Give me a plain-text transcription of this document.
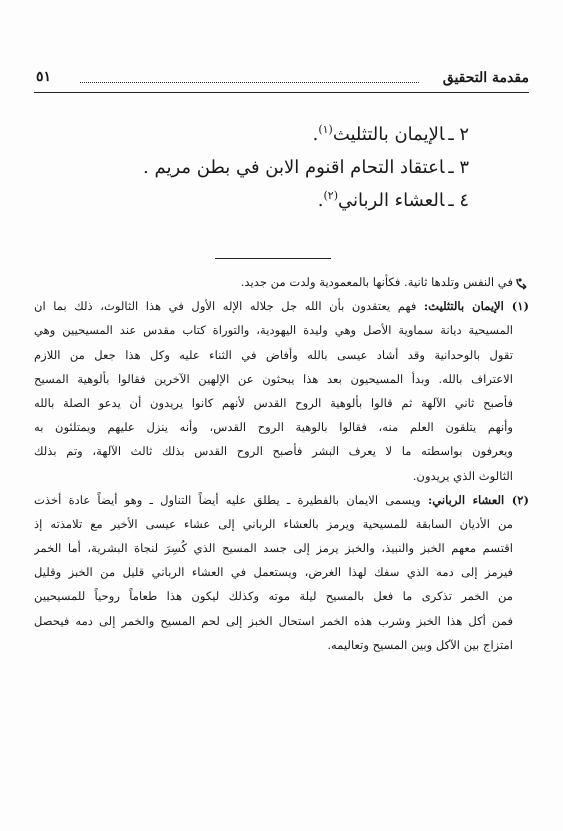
مقدمة التحقيق
٥١
٢ ـالإيمان بالتثليث$^{(١)}$.
٣ ـاعتقاد التحام اقنوم الابن في بطن مريم .
٤ ـالعشاء الرباني$^{(٢)}$.
في النفس وتلدها ثانية. فكأنها بالمعمودية ولدت من جديد.
(١) الإيمان بالتثليث: فهم يعتقدون بأن الله جل جلاله الإله الأول في هذا الثالوث، ذلك بما ان
المسيحية ديانة سماوية الأصل وهي وليدة اليهودية، والتوراة كتاب مقدس عند المسيحيين وهي
تقول بالوحدانية وقد أشاد عيسى بالله وأفاض في الثناء عليه وكل هذا جعل من اللازم
الاعتراف بالله. وبدأ المسيحيون بعد هذا يبحثون عن الإلهين الآخرين فقالوا بألوهية المسيح
فأصبح ثاني الآلهة ثم قالوا بألوهية الروح القدس لأنهم كانوا يريدون أن يدعو الصلة بالله
وأنهم يتلقون العلم منه، فقالوا بالوهية الروح القدس، وأنه ينزل عليهم ويمتلئون به
ويعرفون بواسطته ما لا يعرف البشر فأصبح الروح القدس بذلك ثالث الآلهة، وتم بذلك
الثالوث الذي يريدون.
(٢) العشاء الرباني: ويسمى الايمان بالفطيرة ـ يطلق عليه أيضاً التناول ـ وهو أيضاً عادة أخذت
من الأديان السابقة للمسيحية ويرمز بالعشاء الرباني إلى عشاء عيسى الأخير مع تلامذته إذ
اقتسم معهم الخبز والنبيذ، والخبز يرمز إلى جسد المسيح الذي كُسِرَ لنجاة البشرية، أما الخمر
فيرمز إلى دمه الذي سفك لهذا الغرض، ويستعمل في العشاء الرباني قليل من الخبز وقليل
من الخمر تذكرى ما فعل بالمسيح ليلة موته وكذلك ليكون هذا طعاماً روحياً للمسيحيين
فمن أكل هذا الخبز وشرب هذه الخمر استحال الخبز إلى لحم المسيح والخمر إلى دمه فيحصل
امتزاج بين الآكل وبين المسيح وتعاليمه.
